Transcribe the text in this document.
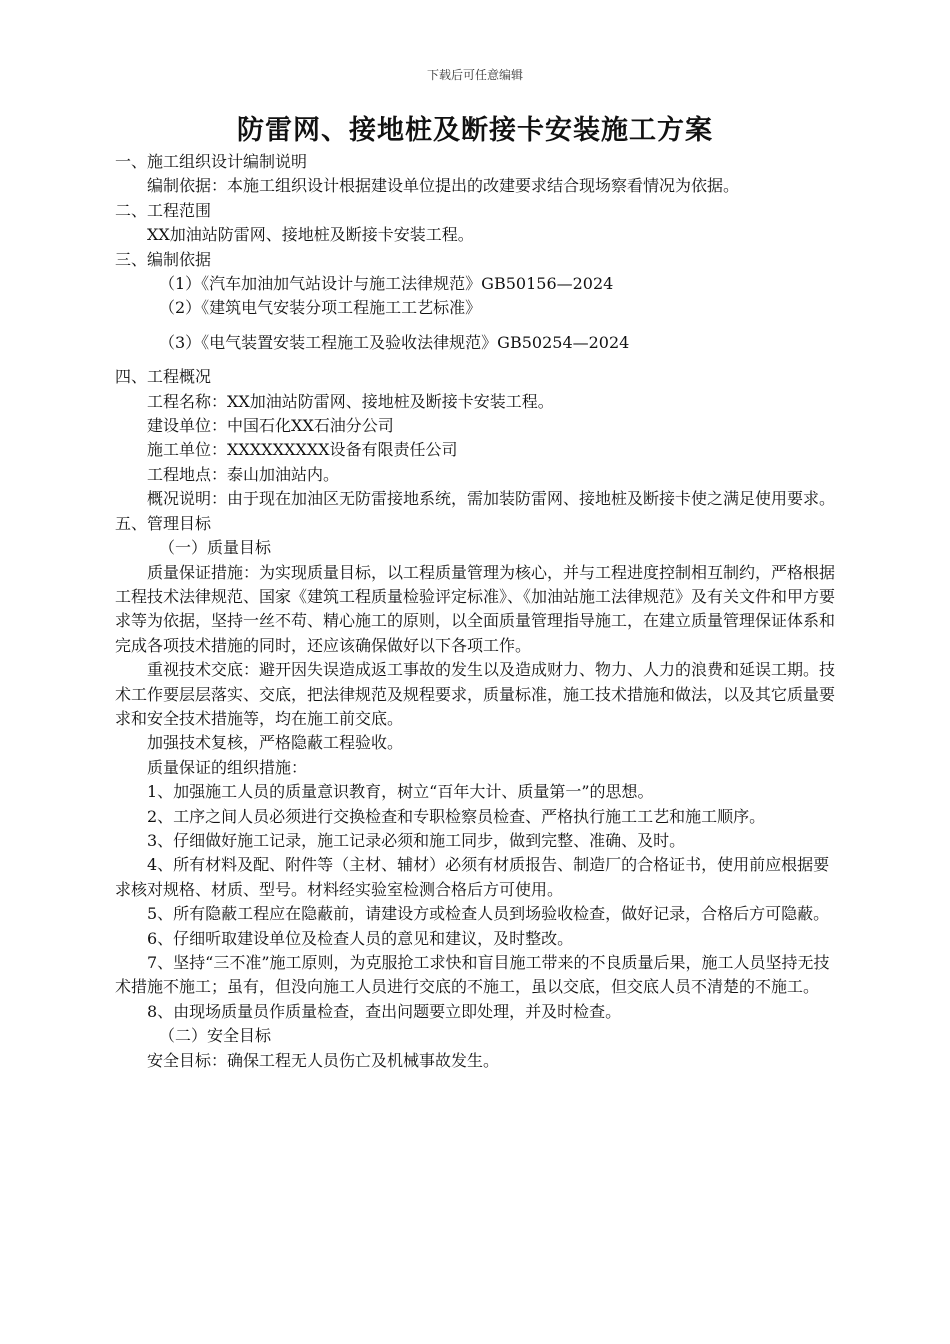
下载后可任意编辑
防雷网、接地桩及断接卡安装施工方案

一、施工组织设计编制说明

编制依据：本施工组织设计根据建设单位提出的改建要求结合现场察看情况为依据。

二、工程范围

XX加油站防雷网、接地桩及断接卡安装工程。

三、编制依据

（1）《汽车加油加气站设计与施工法律规范》GB50156—2024

（2）《建筑电气安装分项工程施工工艺标准》

（3）《电气装置安装工程施工及验收法律规范》GB50254—2024

四、工程概况

工程名称：XX加油站防雷网、接地桩及断接卡安装工程。

建设单位：中国石化XX石油分公司

施工单位：XXXXXXXXX设备有限责任公司

工程地点：泰山加油站内。

概况说明：由于现在加油区无防雷接地系统，需加装防雷网、接地桩及断接卡使之满足使用要求。

五、管理目标

（一）质量目标

质量保证措施：为实现质量目标，以工程质量管理为核心，并与工程进度控制相互制约，严格根据工程技术法律规范、国家《建筑工程质量检验评定标准》、《加油站施工法律规范》及有关文件和甲方要求等为依据，坚持一丝不苟、精心施工的原则，以全面质量管理指导施工，在建立质量管理保证体系和完成各项技术措施的同时，还应该确保做好以下各项工作。

重视技术交底：避开因失误造成返工事故的发生以及造成财力、物力、人力的浪费和延误工期。技术工作要层层落实、交底，把法律规范及规程要求，质量标准，施工技术措施和做法，以及其它质量要求和安全技术措施等，均在施工前交底。

加强技术复核，严格隐蔽工程验收。

质量保证的组织措施：

1、加强施工人员的质量意识教育，树立“百年大计、质量第一”的思想。

2、工序之间人员必须进行交换检查和专职检察员检查、严格执行施工工艺和施工顺序。

3、仔细做好施工记录，施工记录必须和施工同步，做到完整、准确、及时。

4、所有材料及配、附件等（主材、辅材）必须有材质报告、制造厂的合格证书，使用前应根据要求核对规格、材质、型号。材料经实验室检测合格后方可使用。

5、所有隐蔽工程应在隐蔽前，请建设方或检查人员到场验收检查，做好记录，合格后方可隐蔽。

6、仔细听取建设单位及检查人员的意见和建议，及时整改。

7、坚持“三不准”施工原则，为克服抢工求快和盲目施工带来的不良质量后果，施工人员坚持无技术措施不施工；虽有，但没向施工人员进行交底的不施工，虽以交底，但交底人员不清楚的不施工。

8、由现场质量员作质量检查，查出问题要立即处理，并及时检查。

（二）安全目标

安全目标：确保工程无人员伤亡及机械事故发生。
